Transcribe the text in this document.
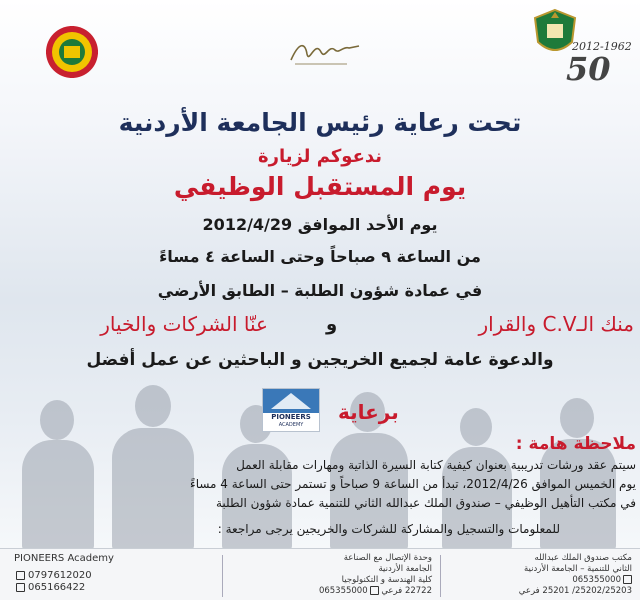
2012-1962
50
تحت رعاية رئيس الجامعة الأردنية
ندعوكم لزيارة
يوم المستقبل الوظيفي
يوم الأحد الموافق 2012/4/29
من الساعة ٩ صباحاً وحتى الساعة ٤ مساءً
في عمادة شؤون الطلبة – الطابق الأرضي
منك الـC.V والقرار
و
عنّا الشركات والخيار
والدعوة عامة لجميع الخريجين و الباحثين عن عمل أفضل
PIONEERS
ACADEMY
برعاية
ملاحظة هامة :
سيتم عقد ورشات تدريبية بعنوان كيفية كتابة السيرة الذاتية ومهارات مقابلة العمل
يوم الخميس الموافق 2012/4/26، تبدأ من الساعة 9 صباحاً و تستمر حتى الساعة 4 مساءً
في مكتب التأهيل الوظيفي – صندوق الملك عبدالله الثاني للتنمية عمادة شؤون الطلبة
للمعلومات والتسجيل والمشاركة للشركات والخريجين يرجى مراجعة :
مكتب صندوق الملك عبدالله
الثاني للتنمية – الجامعة الأردنية
065355000
25202/25203/ 25201 فرعي
وحدة الإتصال مع الصناعة
الجامعة الأردنية
كلية الهندسة و التكنولوجيا
22722 فرعي 065355000
PIONEERS Academy
0797612020
065166422
